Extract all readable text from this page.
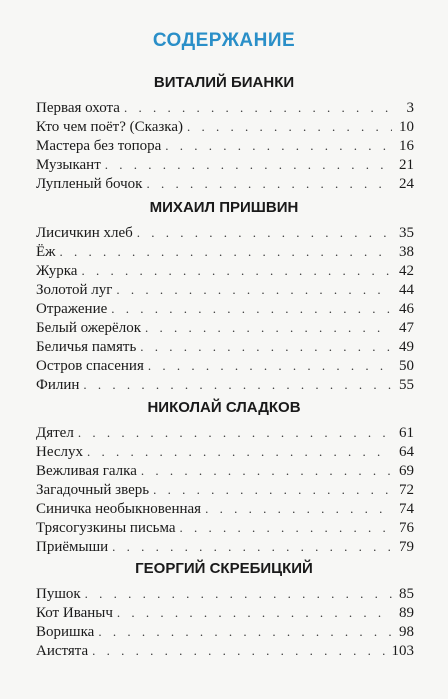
СОДЕРЖАНИЕ
ВИТАЛИЙ БИАНКИ
Первая охота . . .	3
Кто чем поёт? (Сказка) . . .	10
Мастера без топора . . .	16
Музыкант . . .	21
Лупленый бочок . . .	24
МИХАИЛ ПРИШВИН
Лисичкин хлеб . . .	35
Ёж . . .	38
Журка . . .	42
Золотой луг . . .	44
Отражение . . .	46
Белый ожерёлок . . .	47
Беличья память . . .	49
Остров спасения . . .	50
Филин . . .	55
НИКОЛАЙ СЛАДКОВ
Дятел . . .	61
Неслух . . .	64
Вежливая галка . . .	69
Загадочный зверь . . .	72
Синичка необыкновенная . . .	74
Трясогузкины письма . . .	76
Приёмыши . . .	79
ГЕОРГИЙ СКРЕБИЦКИЙ
Пушок . . .	85
Кот Иваныч . . .	89
Воришка . . .	98
Аистята . . .	103
